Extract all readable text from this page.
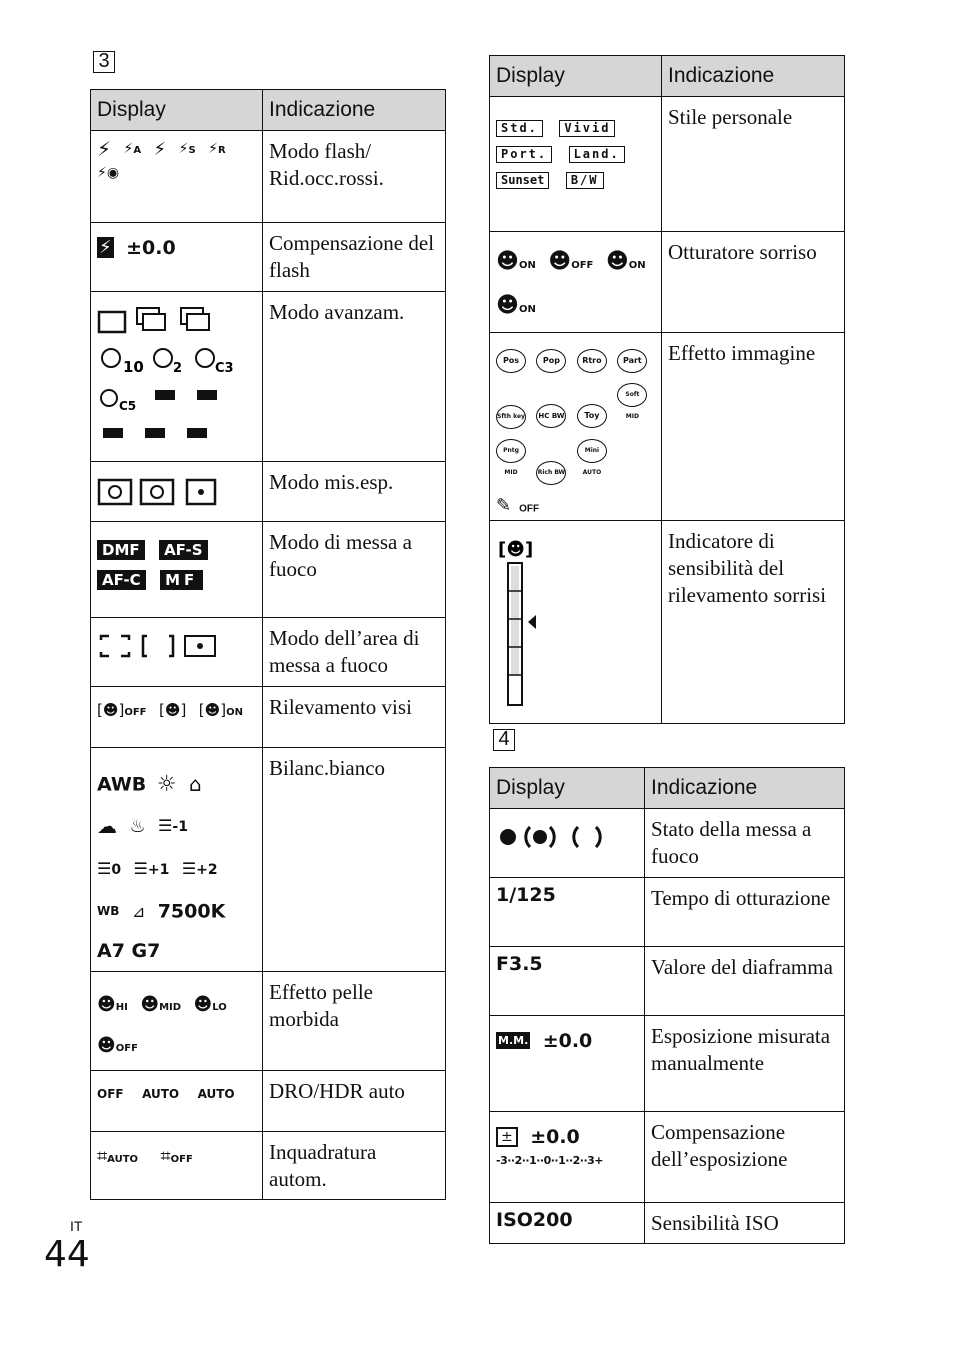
3
Display	Indicazione
⚡ ⚡A ⚡ ⚡S ⚡R
⚡◉	Modo flash/ Rid.occ.rossi.
⚡ ±0.0	Compensazione del flash

10 2 C3
C5	Modo avanzam.
	Modo mis.esp.
DMF AF-S
AF-C MF	Modo di messa a fuoco
	Modo dell’area di messa a fuoco
[☻]OFF [☻] [☻]ON	Rilevamento visi
AWB ☼ ⌂
☁ ♨ ☰-1
☰0 ☰+1 ☰+2
WB ⊿ 7500K
A7 G7	Bilanc.bianco
☻HI ☻MID ☻LO
☻OFF	Effetto pelle morbida
OFF AUTO AUTO	DRO/HDR auto
⌗AUTO ⌗OFF	Inquadratura autom.
Display	Indicazione
Std. Vivid
Port. Land.
Sunset B/W	Stile personale
☻ON ☻OFF ☻ON
☻ON	Otturatore sorriso
Pos Pop Rtro Part
Sfth key HC BW Toy Soft MID
Pntg MID Rich BW Mini AUTO
✎ OFF	Effetto immagine

[☻]	Indicatore di sensibilità del rilevamento sorrisi
4
Display	Indicazione
	Stato della messa a fuoco
1/125	Tempo di otturazione
F3.5	Valore del diaframma
M.M. ±0.0	Esposizione misurata manualmente
± ±0.0
-3··2··1··0··1··2··3+	Compensazione dell’esposizione
ISO200	Sensibilità ISO
IT
44
